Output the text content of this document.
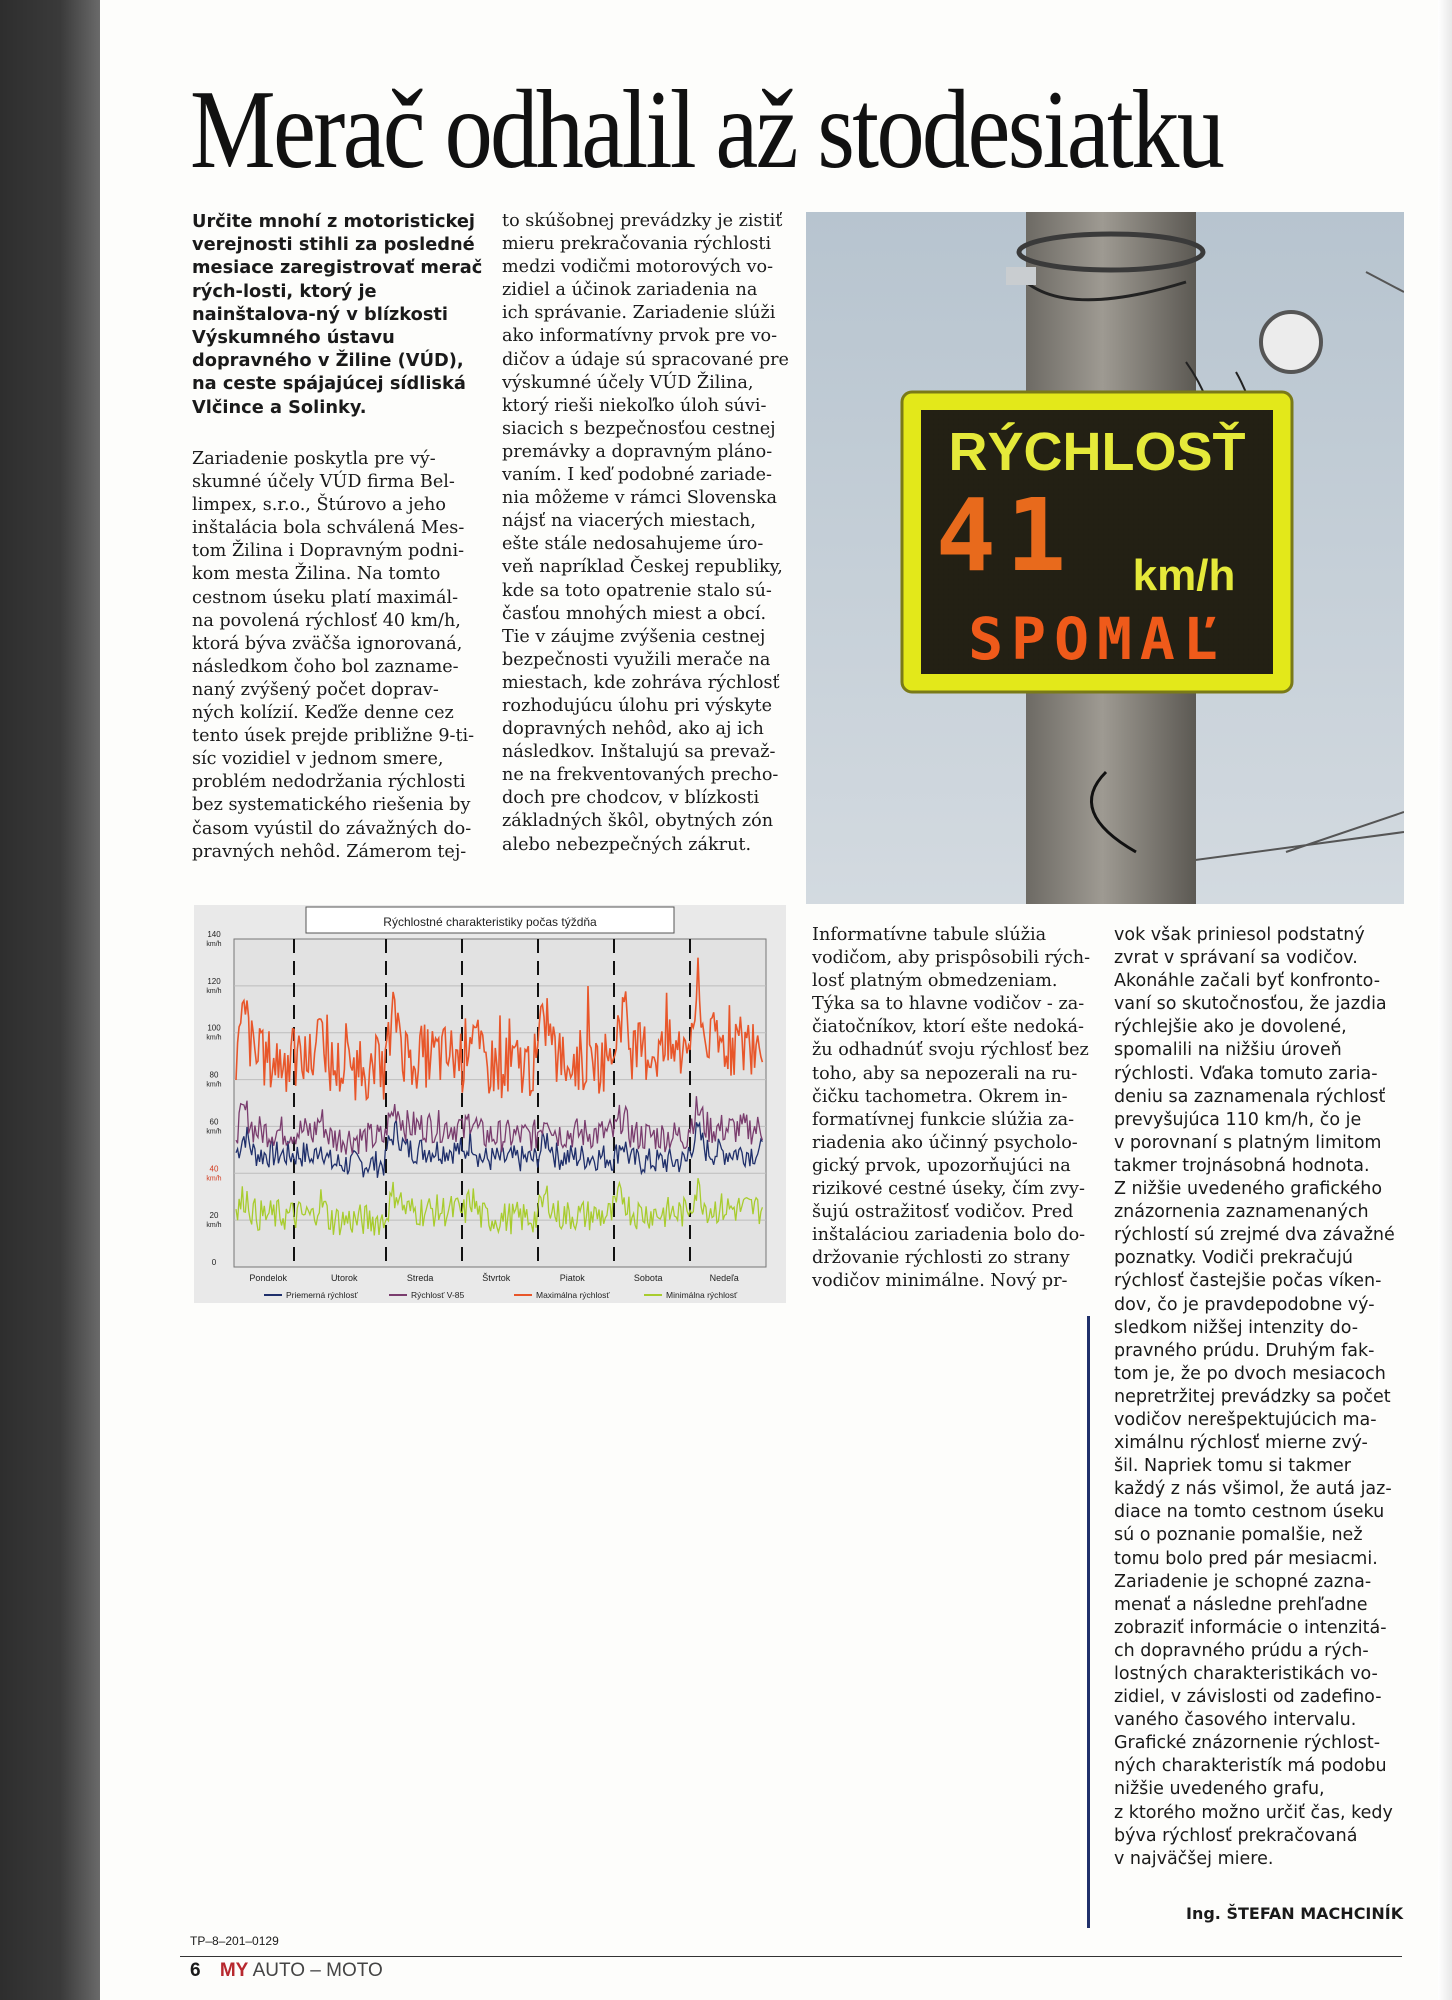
Merač odhalil až stodesiatku
Určite mnohí z motoristickej verejnosti stihli za posledné mesiace zaregistrovať merač rých-losti, ktorý je nainštalova-ný v blízkosti Výskumného ústavu dopravného v Žiline (VÚD), na ceste spájajúcej sídliská Vlčince a Solinky.
Zariadenie poskytla pre vý-
skumné účely VÚD firma Bel-
limpex, s.r.o., Štúrovo a jeho
inštalácia bola schválená Mes-
tom Žilina i Dopravným podni-
kom mesta Žilina. Na tomto
cestnom úseku platí maximál-
na povolená rýchlosť 40 km/h,
ktorá býva zväčša ignorovaná,
následkom čoho bol zazname-
naný zvýšený počet doprav-
ných kolízií. Keďže denne cez
tento úsek prejde približne 9-ti-
síc vozidiel v jednom smere,
problém nedodržania rýchlosti
bez systematického riešenia by
časom vyústil do závažných do-
pravných nehôd. Zámerom tej-
to skúšobnej prevádzky je zistiť
mieru prekračovania rýchlosti
medzi vodičmi motorových vo-
zidiel a účinok zariadenia na
ich správanie. Zariadenie slúži
ako informatívny prvok pre vo-
dičov a údaje sú spracované pre
výskumné účely VÚD Žilina,
ktorý rieši niekoľko úloh súvi-
siacich s bezpečnosťou cestnej
premávky a dopravným pláno-
vaním. I keď podobné zariade-
nia môžeme v rámci Slovenska
nájsť na viacerých miestach,
ešte stále nedosahujeme úro-
veň napríklad Českej republiky,
kde sa toto opatrenie stalo sú-
časťou mnohých miest a obcí.
Tie v záujme zvýšenia cestnej
bezpečnosti využili merače na
miestach, kde zohráva rýchlosť
rozhodujúcu úlohu pri výskyte
dopravných nehôd, ako aj ich
následkov. Inštalujú sa prevaž-
ne na frekventovaných precho-
doch pre chodcov, v blízkosti
základných škôl, obytných zón
alebo nebezpečných zákrut.
RÝCHLOSŤ
41 km/h
SPOMAĽ
Rýchlostné charakteristiky počas týždňa
140
km/h
120
km/h
100
km/h
80
km/h
60
km/h
40
km/h
20
km/h
0
Pondelok	Utorok	Streda	Štvrtok	Piatok	Sobota	Nedeľa
Priemerná rýchlosť	Rýchlosť V-85	Maximálna rýchlosť	Minimálna rýchlosť
Informatívne tabule slúžia
vodičom, aby prispôsobili rých-
losť platným obmedzeniam.
Týka sa to hlavne vodičov - za-
čiatočníkov, ktorí ešte nedoká-
žu odhadnúť svoju rýchlosť bez
toho, aby sa nepozerali na ru-
čičku tachometra. Okrem in-
formatívnej funkcie slúžia za-
riadenia ako účinný psycholo-
gický prvok, upozorňujúci na
rizikové cestné úseky, čím zvy-
šujú ostražitosť vodičov. Pred
inštaláciou zariadenia bolo do-
držovanie rýchlosti zo strany
vodičov minimálne. Nový pr-
vok však priniesol podstatný
zvrat v správaní sa vodičov.
Akonáhle začali byť konfronto-
vaní so skutočnosťou, že jazdia
rýchlejšie ako je dovolené,
spomalili na nižšiu úroveň
rýchlosti. Vďaka tomuto zaria-
deniu sa zaznamenala rýchlosť
prevyšujúca 110 km/h, čo je
v porovnaní s platným limitom
takmer trojnásobná hodnota.
Z nižšie uvedeného grafického
znázornenia zaznamenaných
rýchlostí sú zrejmé dva závažné
poznatky. Vodiči prekračujú
rýchlosť častejšie počas víken-
dov, čo je pravdepodobne vý-
sledkom nižšej intenzity do-
pravného prúdu. Druhým fak-
tom je, že po dvoch mesiacoch
nepretržitej prevádzky sa počet
vodičov nerešpektujúcich ma-
ximálnu rýchlosť mierne zvý-
šil. Napriek tomu si takmer
každý z nás všimol, že autá jaz-
diace na tomto cestnom úseku
sú o poznanie pomalšie, než
tomu bolo pred pár mesiacmi.
Zariadenie je schopné zazna-
menať a následne prehľadne
zobraziť informácie o intenzitá-
ch dopravného prúdu a rých-
lostných charakteristikách vo-
zidiel, v závislosti od zadefino-
vaného časového intervalu.
Grafické znázornenie rýchlost-
ných charakteristík má podobu
nižšie uvedeného grafu,
z ktorého možno určiť čas, kedy
býva rýchlosť prekračovaná
v najväčšej miere.
Ing. ŠTEFAN MACHCINÍK
TP–8–201–0129
6 MY AUTO – MOTO
